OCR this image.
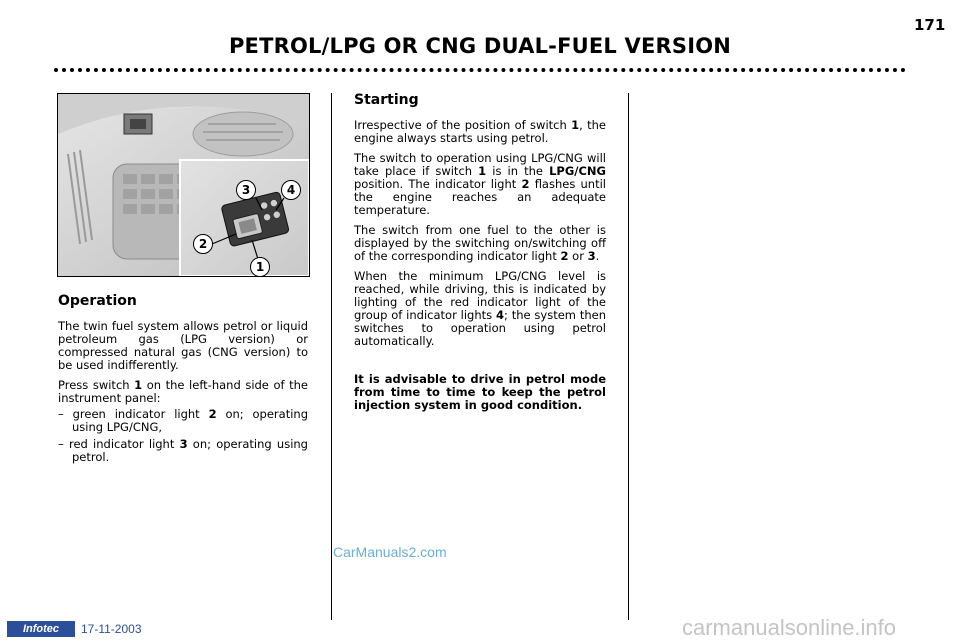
171
PETROL/LPG OR CNG DUAL-FUEL VERSION
3	4
2
1
Operation

The twin fuel system allows petrol or liquid petroleum gas (LPG version) or compressed natural gas (CNG version) to be used indifferently.

Press switch 1 on the left-hand side of the instrument panel:

– green indicator light 2 on; operating using LPG/CNG,
– red indicator light 3 on; operating using petrol.
Starting

Irrespective of the position of switch 1, the engine always starts using petrol.

The switch to operation using LPG/CNG will take place if switch 1 is in the LPG/CNG position. The indicator light 2 flashes until the engine reaches an adequate temperature.

The switch from one fuel to the other is displayed by the switching on/switching off of the corresponding indicator light 2 or 3.

When the minimum LPG/CNG level is reached, while driving, this is indicated by lighting of the red indicator light of the group of indicator lights 4; the system then switches to operation using petrol automatically.

It is advisable to drive in petrol mode from time to time to keep the petrol injection system in good condition.

CarManuals2.com
Infotec	17-11-2003	carmanualsonline.info
